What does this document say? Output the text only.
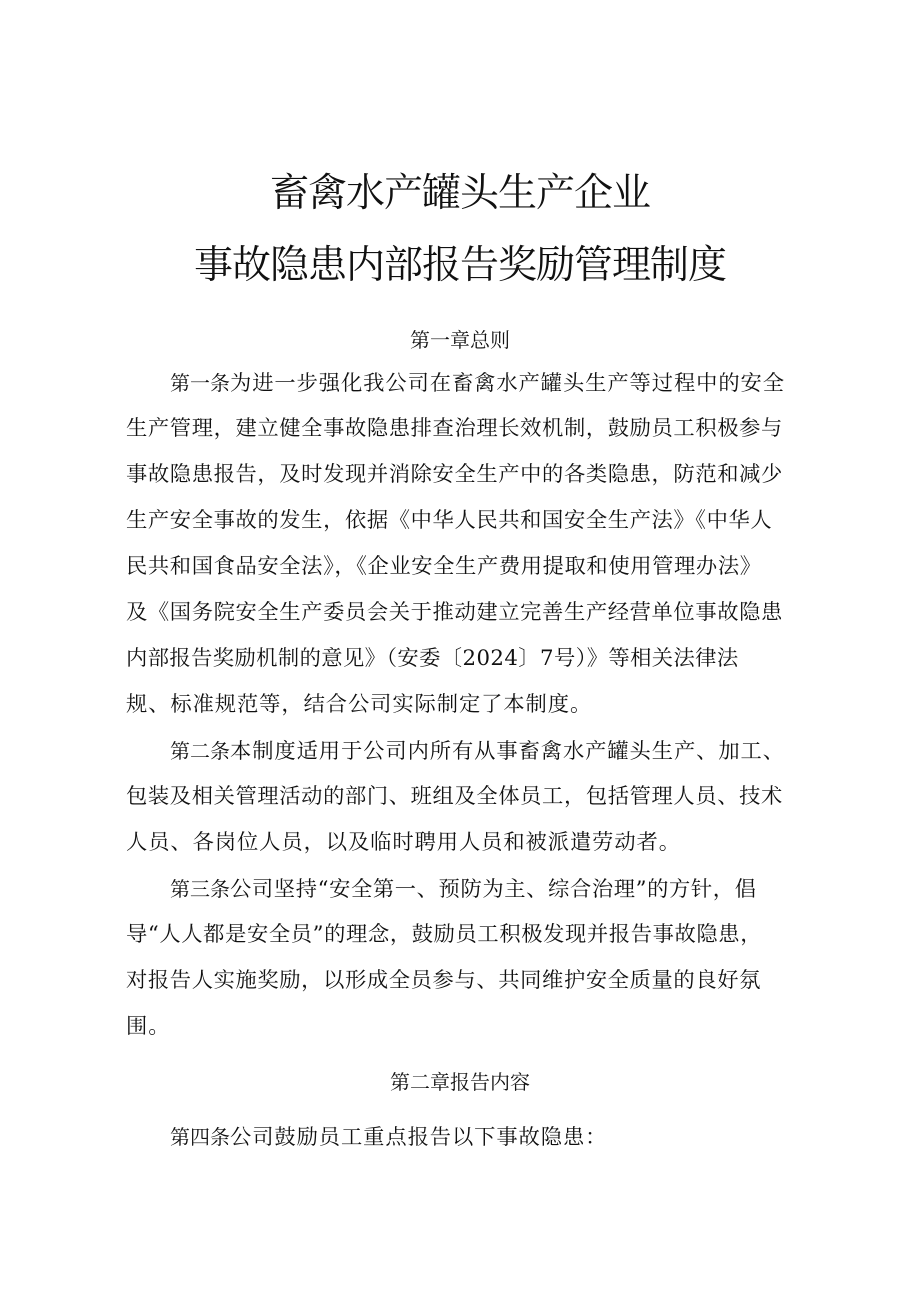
畜禽水产罐头生产企业
事故隐患内部报告奖励管理制度
第一章总则
第一条为进一步强化我公司在畜禽水产罐头生产等过程中的安全
生产管理，建立健全事故隐患排查治理长效机制，鼓励员工积极参与
事故隐患报告，及时发现并消除安全生产中的各类隐患，防范和减少
生产安全事故的发生，依据《中华人民共和国安全生产法》《中华人
民共和国食品安全法》，《企业安全生产费用提取和使用管理办法》
及《国务院安全生产委员会关于推动建立完善生产经营单位事故隐患
内部报告奖励机制的意见》（安委〔2024〕7号）》等相关法律法
规、标准规范等，结合公司实际制定了本制度。
第二条本制度适用于公司内所有从事畜禽水产罐头生产、加工、
包装及相关管理活动的部门、班组及全体员工，包括管理人员、技术
人员、各岗位人员，以及临时聘用人员和被派遣劳动者。
第三条公司坚持“安全第一、预防为主、综合治理”的方针，倡
导“人人都是安全员”的理念，鼓励员工积极发现并报告事故隐患，
对报告人实施奖励，以形成全员参与、共同维护安全质量的良好氛
围。
第二章报告内容
第四条公司鼓励员工重点报告以下事故隐患：
